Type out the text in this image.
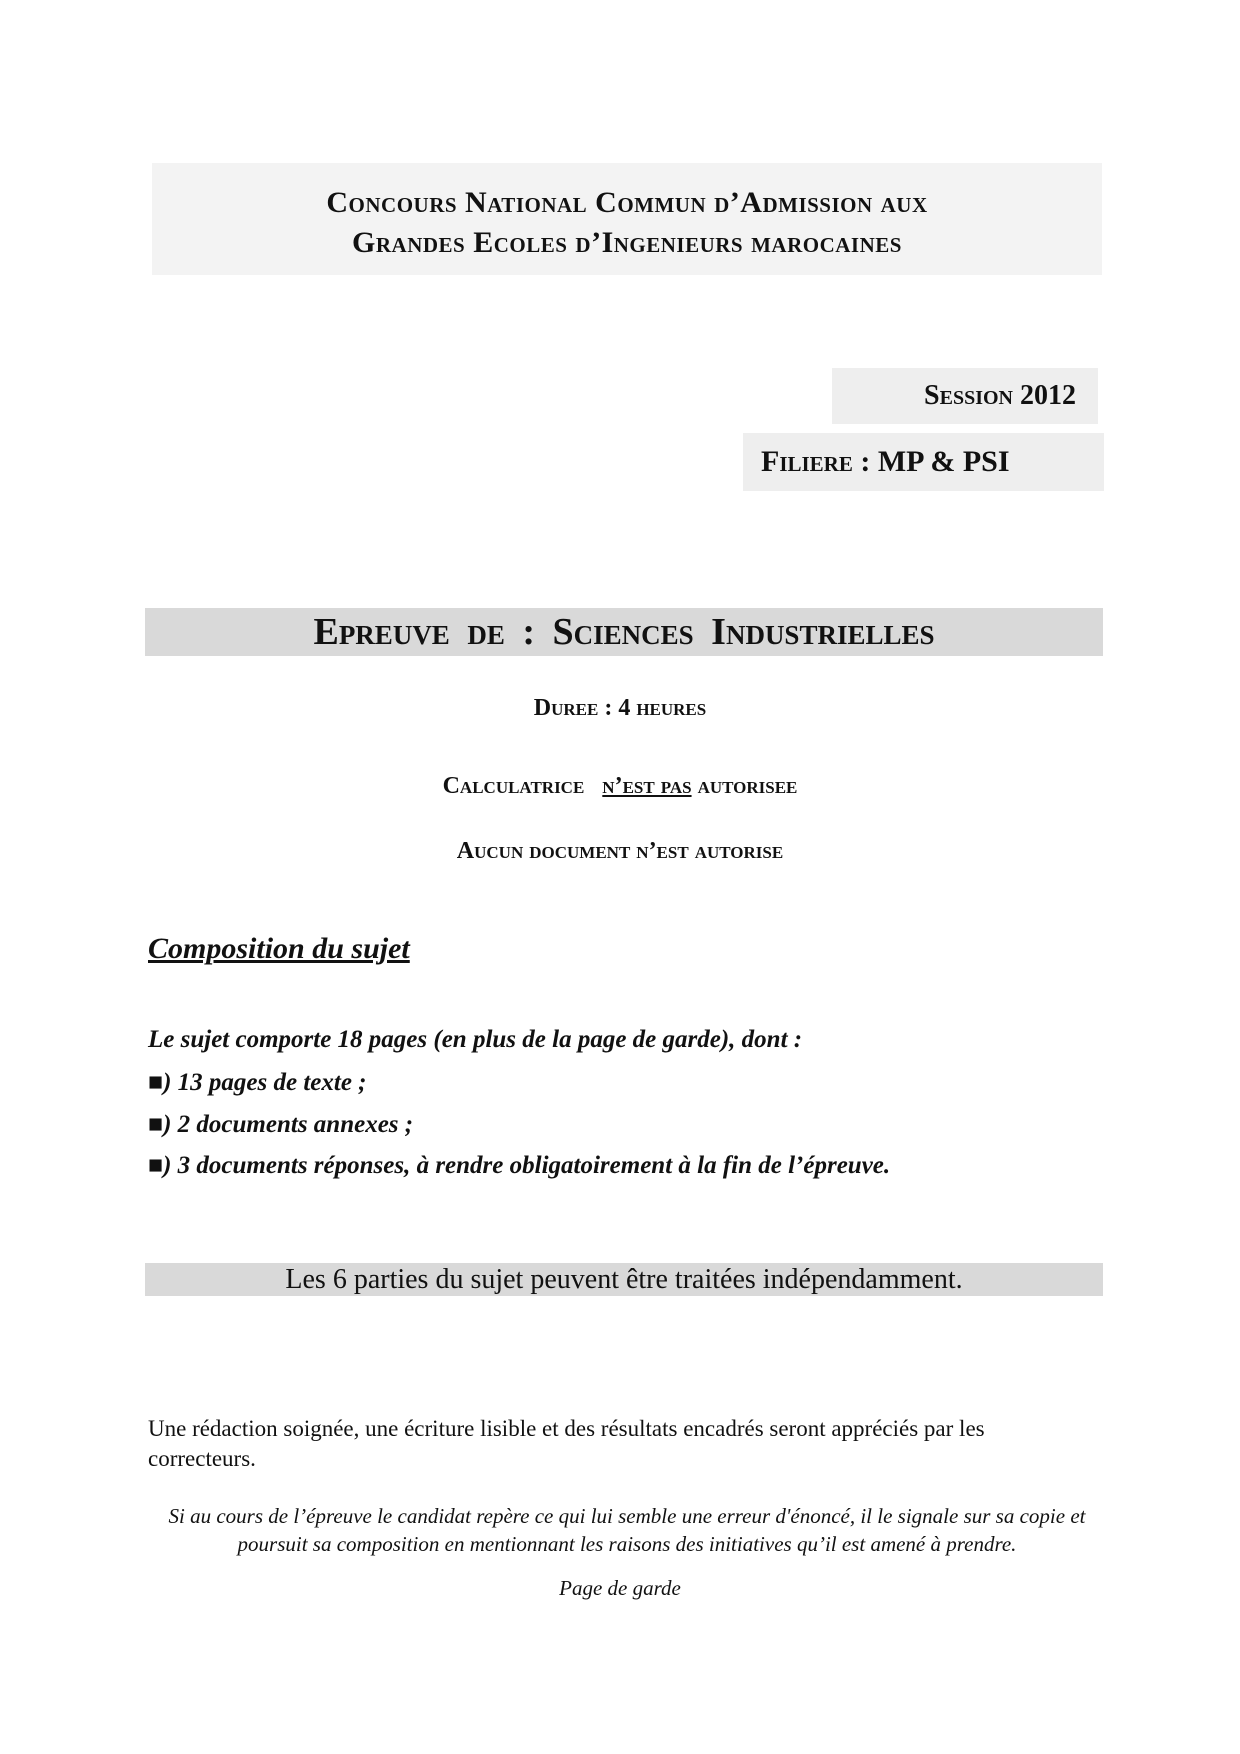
Concours National Commun d’Admission aux
Grandes Ecoles d’Ingenieurs marocaines
Session 2012
Filiere : MP & PSI
Epreuve de : Sciences Industrielles
Duree : 4 heures
Calculatrice n’est pas autorisee
Aucun document n’est autorise
Composition du sujet
Le sujet comporte 18 pages (en plus de la page de garde), dont :
■) 13 pages de texte ;
■) 2 documents annexes ;
■) 3 documents réponses, à rendre obligatoirement à la fin de l’épreuve.
Les 6 parties du sujet peuvent être traitées indépendamment.
Une rédaction soignée, une écriture lisible et des résultats encadrés seront appréciés par les correcteurs.
Si au cours de l’épreuve le candidat repère ce qui lui semble une erreur d'énoncé, il le signale sur sa copie et poursuit sa composition en mentionnant les raisons des initiatives qu’il est amené à prendre.
Page de garde
